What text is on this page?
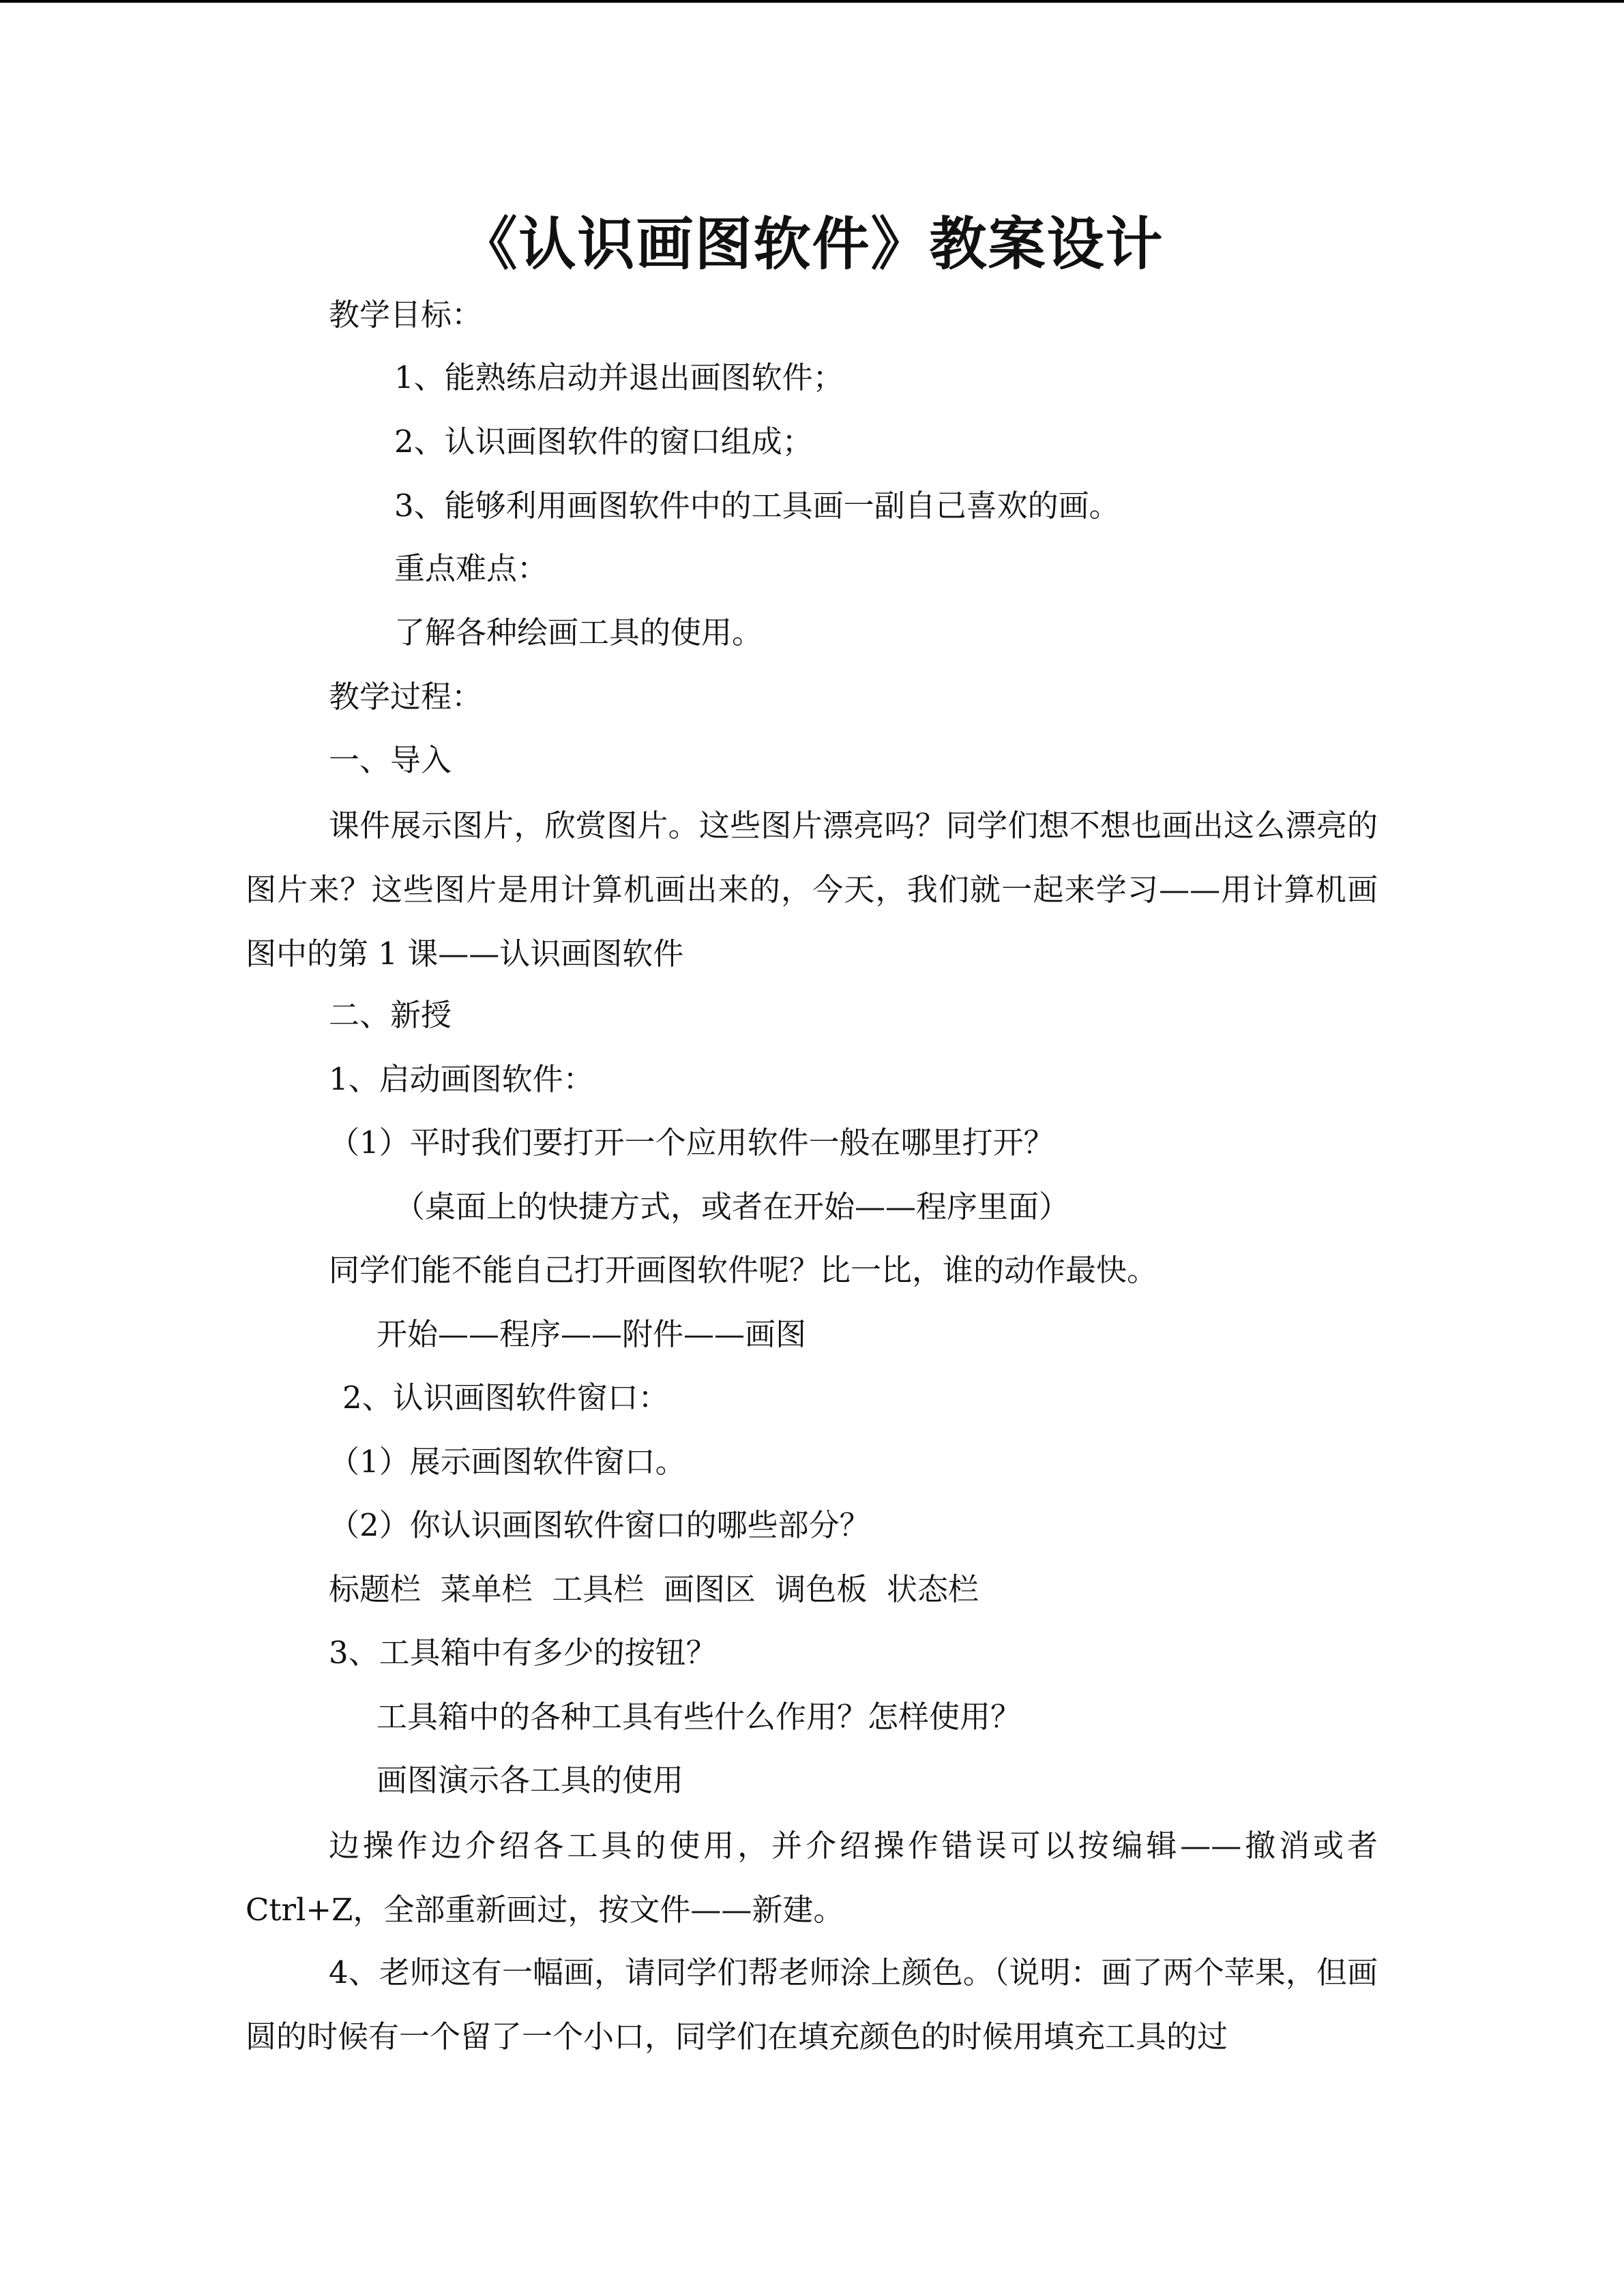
《认识画图软件》教案设计
教学目标：
1、能熟练启动并退出画图软件；
2、认识画图软件的窗口组成；
3、能够利用画图软件中的工具画一副自己喜欢的画。
重点难点：
了解各种绘画工具的使用。
教学过程：
一、导入

课件展示图片，欣赏图片。这些图片漂亮吗？同学们想不想也画出这么漂亮的图片来？这些图片是用计算机画出来的，今天，我们就一起来学习——用计算机画图中的第 1 课——认识画图软件

二、新授
1、启动画图软件：
（1）平时我们要打开一个应用软件一般在哪里打开？
（桌面上的快捷方式，或者在开始——程序里面）
同学们能不能自己打开画图软件呢？比一比，谁的动作最快。
开始——程序——附件——画图
2、认识画图软件窗口：
（1）展示画图软件窗口。
（2）你认识画图软件窗口的哪些部分？
标题栏  菜单栏  工具栏  画图区  调色板  状态栏
3、工具箱中有多少的按钮？
工具箱中的各种工具有些什么作用？怎样使用？
画图演示各工具的使用

边操作边介绍各工具的使用，并介绍操作错误可以按编辑——撤消或者 Ctrl+Z，全部重新画过，按文件——新建。

4、老师这有一幅画，请同学们帮老师涂上颜色。（说明：画了两个苹果，但画圆的时候有一个留了一个小口，同学们在填充颜色的时候用填充工具的过
